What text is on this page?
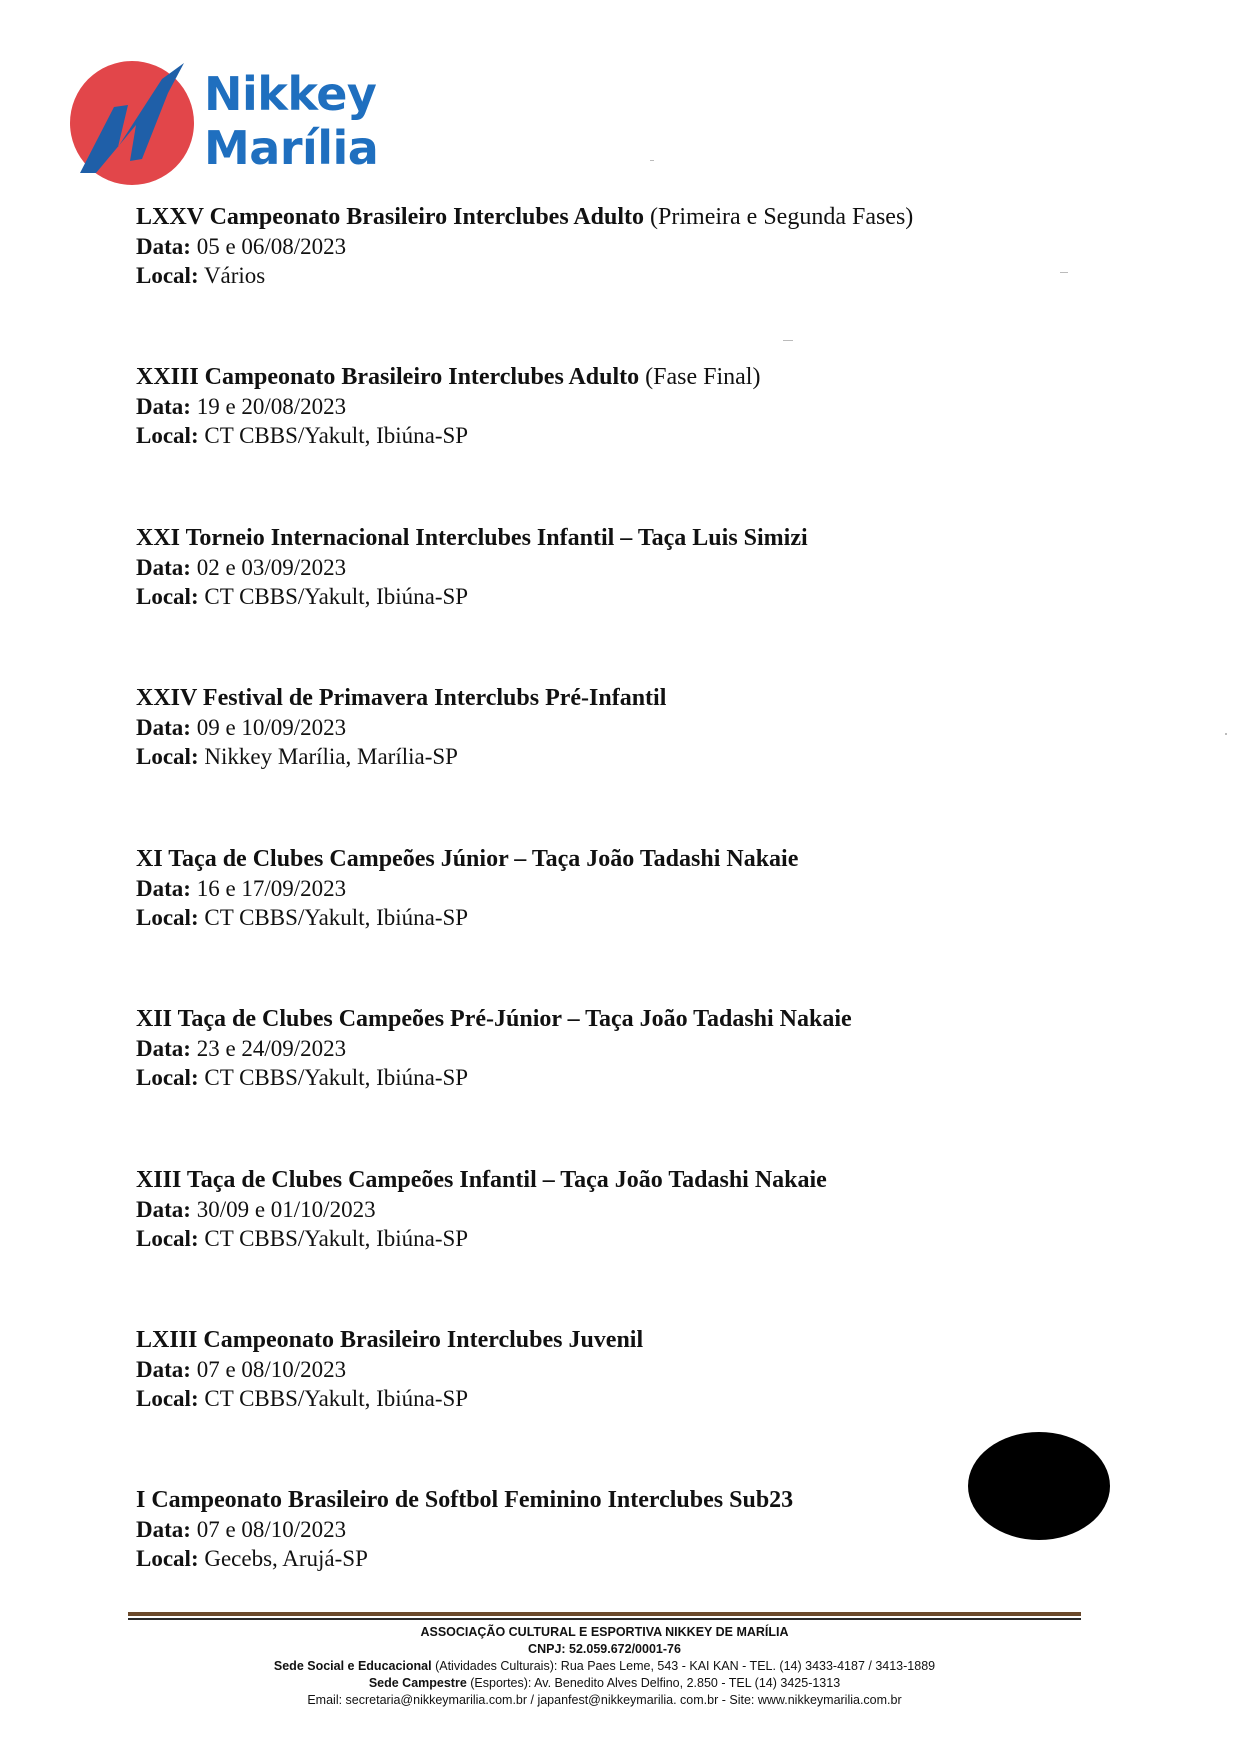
Nikkey
Marília
LXXV Campeonato Brasileiro Interclubes Adulto (Primeira e Segunda Fases)
Data: 05 e 06/08/2023
Local: Vários
XXIII Campeonato Brasileiro Interclubes Adulto (Fase Final)
Data: 19 e 20/08/2023
Local: CT CBBS/Yakult, Ibiúna-SP
XXI Torneio Internacional Interclubes Infantil – Taça Luis Simizi
Data: 02 e 03/09/2023
Local: CT CBBS/Yakult, Ibiúna-SP
XXIV Festival de Primavera Interclubs Pré-Infantil
Data: 09 e 10/09/2023
Local: Nikkey Marília, Marília-SP
XI Taça de Clubes Campeões Júnior – Taça João Tadashi Nakaie
Data: 16 e 17/09/2023
Local: CT CBBS/Yakult, Ibiúna-SP
XII Taça de Clubes Campeões Pré-Júnior – Taça João Tadashi Nakaie
Data: 23 e 24/09/2023
Local: CT CBBS/Yakult, Ibiúna-SP
XIII Taça de Clubes Campeões Infantil – Taça João Tadashi Nakaie
Data: 30/09 e 01/10/2023
Local: CT CBBS/Yakult, Ibiúna-SP
LXIII Campeonato Brasileiro Interclubes Juvenil
Data: 07 e 08/10/2023
Local: CT CBBS/Yakult, Ibiúna-SP
I Campeonato Brasileiro de Softbol Feminino Interclubes Sub23
Data: 07 e 08/10/2023
Local: Gecebs, Arujá-SP
ASSOCIAÇÃO CULTURAL E ESPORTIVA NIKKEY DE MARÍLIA
CNPJ: 52.059.672/0001-76
Sede Social e Educacional (Atividades Culturais): Rua Paes Leme, 543 - KAI KAN - TEL. (14) 3433-4187 / 3413-1889
Sede Campestre (Esportes): Av. Benedito Alves Delfino, 2.850 - TEL (14) 3425-1313
Email: secretaria@nikkeymarilia.com.br / japanfest@nikkeymarilia. com.br - Site: www.nikkeymarilia.com.br
